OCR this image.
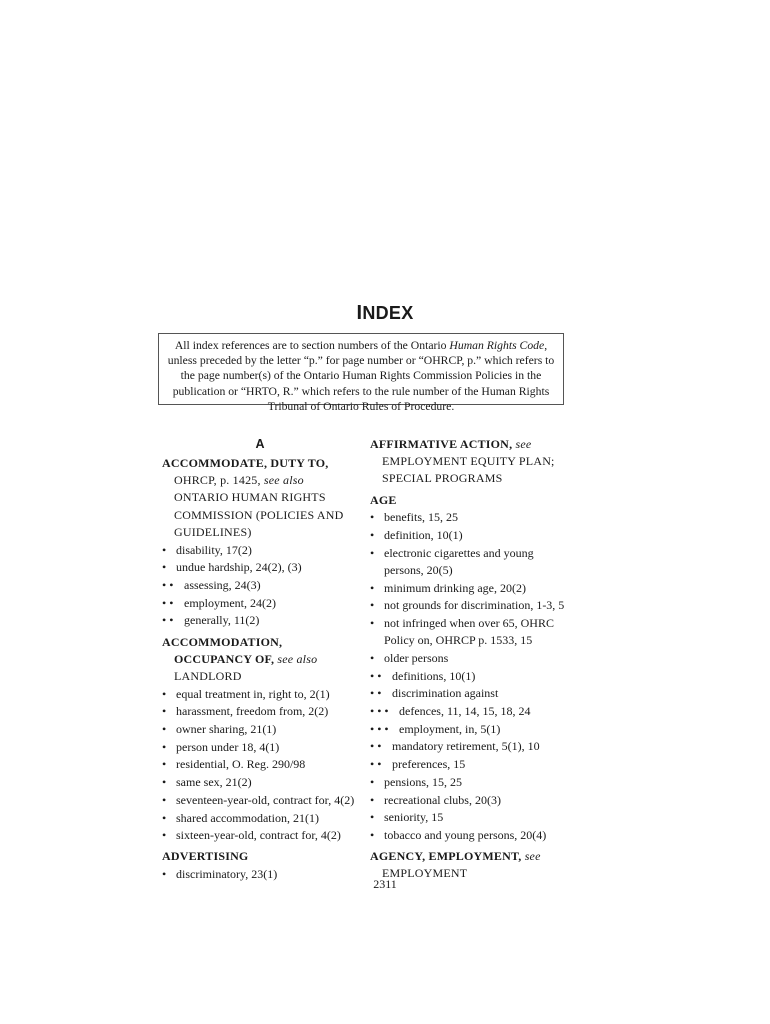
INDEX
All index references are to section numbers of the Ontario Human Rights Code, unless preceded by the letter “p.” for page number or “OHRCP, p.” which refers to the page number(s) of the Ontario Human Rights Commission Policies in the publication or “HRTO, R.” which refers to the rule number of the Human Rights Tribunal of Ontario Rules of Procedure.
A
ACCOMMODATE, DUTY TO, OHRCP, p. 1425, see also ONTARIO HUMAN RIGHTS COMMISSION (POLICIES AND GUIDELINES)
• disability, 17(2)
• undue hardship, 24(2), (3)
• • assessing, 24(3)
• • employment, 24(2)
• • generally, 11(2)
ACCOMMODATION, OCCUPANCY OF, see also LANDLORD
• equal treatment in, right to, 2(1)
• harassment, freedom from, 2(2)
• owner sharing, 21(1)
• person under 18, 4(1)
• residential, O. Reg. 290/98
• same sex, 21(2)
• seventeen-year-old, contract for, 4(2)
• shared accommodation, 21(1)
• sixteen-year-old, contract for, 4(2)
ADVERTISING
• discriminatory, 23(1)
AFFIRMATIVE ACTION, see EMPLOYMENT EQUITY PLAN; SPECIAL PROGRAMS
AGE
• benefits, 15, 25
• definition, 10(1)
• electronic cigarettes and young persons, 20(5)
• minimum drinking age, 20(2)
• not grounds for discrimination, 1-3, 5
• not infringed when over 65, OHRC Policy on, OHRCP p. 1533, 15
• older persons
• • definitions, 10(1)
• • discrimination against
• • • defences, 11, 14, 15, 18, 24
• • • employment, in, 5(1)
• • mandatory retirement, 5(1), 10
• • preferences, 15
• pensions, 15, 25
• recreational clubs, 20(3)
• seniority, 15
• tobacco and young persons, 20(4)
AGENCY, EMPLOYMENT, see EMPLOYMENT
2311
